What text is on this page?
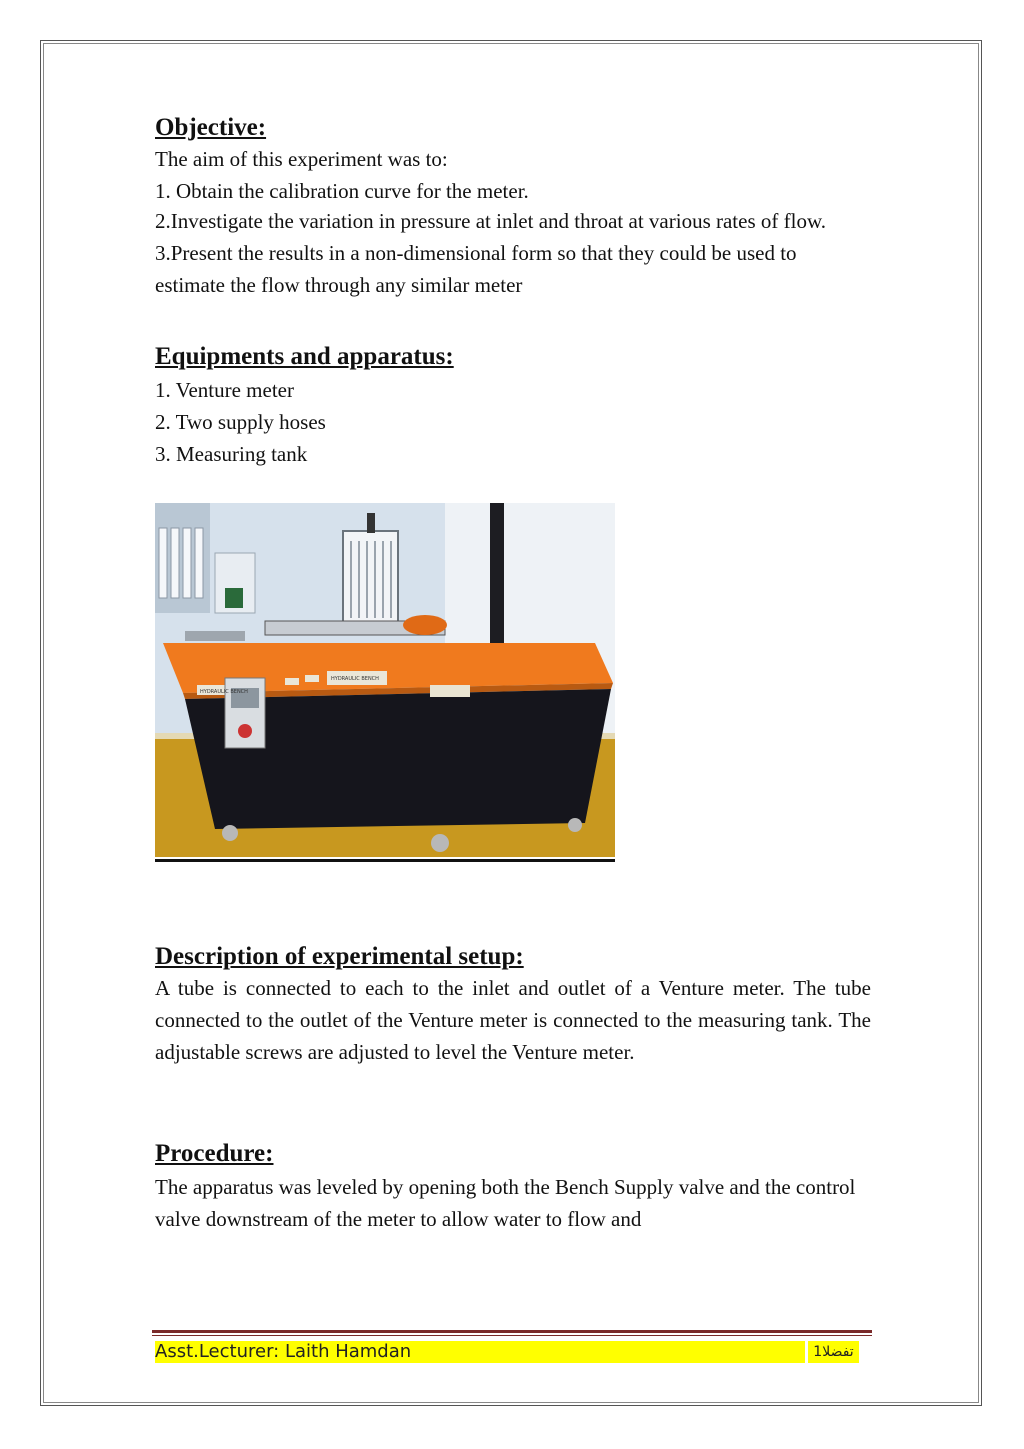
Objective:

The aim of this experiment was to:

1. Obtain the calibration curve for the meter.

2.Investigate the variation in pressure at inlet and throat at various rates of flow.

3.Present the results in a non-dimensional form so that they could be used to estimate the flow through any similar meter

Equipments and apparatus:

1. Venture meter

2. Two supply hoses

3. Measuring tank

HYDRAULIC BENCH
HYDRAULIC BENCH
Description of experimental setup:

A tube is connected to each to the inlet and outlet of a Venture meter. The tube connected to the outlet of the Venture meter is connected to the measuring tank. The adjustable screws are adjusted to level the Venture meter.

Procedure:

The apparatus was leveled by opening both the Bench Supply valve and the control valve downstream of the meter to allow water to flow and

Asst.Lecturer: Laith Hamdan	تفضلا1
